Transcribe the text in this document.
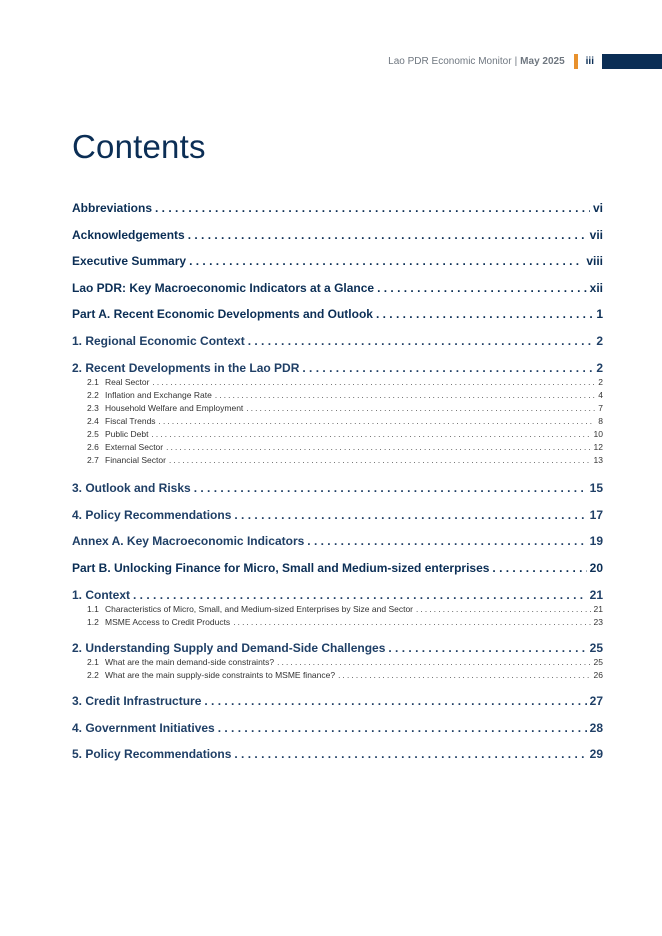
Lao PDR Economic Monitor | May 2025 iii
Contents
Abbreviations . . .	vi
Acknowledgements . . .	vii
Executive Summary . . .	viii
Lao PDR: Key Macroeconomic Indicators at a Glance . . .	xii
Part A. Recent Economic Developments and Outlook . . .	1
1. Regional Economic Context . . .	2
2. Recent Developments in the Lao PDR . . .	2
2.1 Real Sector . . .	2
2.2 Inflation and Exchange Rate . . .	4
2.3 Household Welfare and Employment . . .	7
2.4 Fiscal Trends . . .	8
2.5 Public Debt . . .	10
2.6 External Sector . . .	12
2.7 Financial Sector . . .	13
3. Outlook and Risks . . .	15
4. Policy Recommendations . . .	17
Annex A. Key Macroeconomic Indicators . . .	19
Part B. Unlocking Finance for Micro, Small and Medium-sized enterprises . . .	20
1. Context . . .	21
1.1 Characteristics of Micro, Small, and Medium-sized Enterprises by Size and Sector . . .	21
1.2 MSME Access to Credit Products . . .	23
2. Understanding Supply and Demand-Side Challenges . . .	25
2.1 What are the main demand-side constraints? . . .	25
2.2 What are the main supply-side constraints to MSME finance? . . .	26
3. Credit Infrastructure . . .	27
4. Government Initiatives . . .	28
5. Policy Recommendations . . .	29
